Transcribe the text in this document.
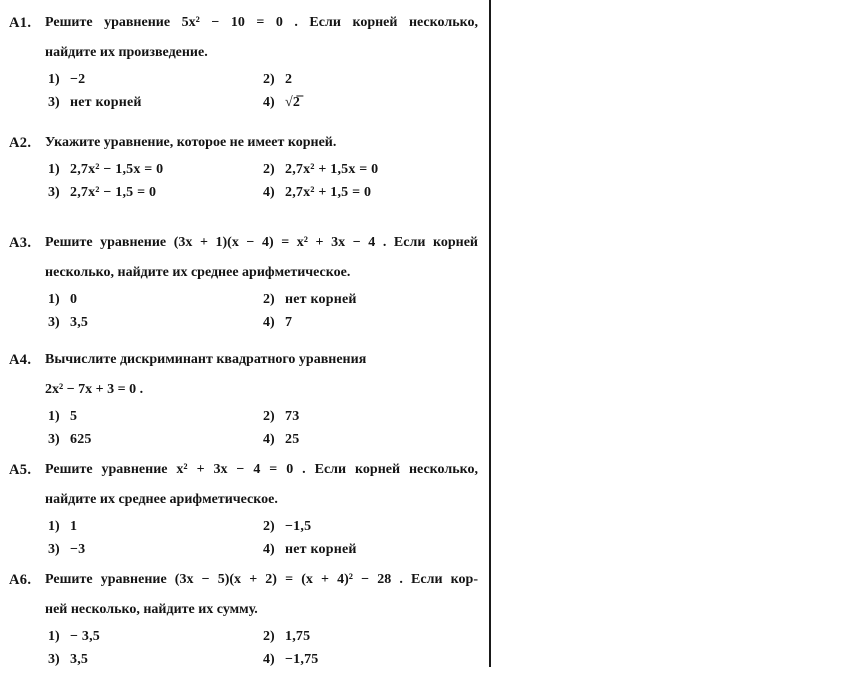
А1. Решите уравнение 5x² − 10 = 0 . Если корней несколько,
найдите их произведение.
1) −2	2) 2
3) нет корней	4) √2̅
А2. Укажите уравнение, которое не имеет корней.
1) 2,7x² − 1,5x = 0	2) 2,7x² + 1,5x = 0
3) 2,7x² − 1,5 = 0	4) 2,7x² + 1,5 = 0
А3. Решите уравнение (3x + 1)(x − 4) = x² + 3x − 4 . Если корней
несколько, найдите их среднее арифметическое.
1) 0	2) нет корней
3) 3,5	4) 7
А4. Вычислите дискриминант квадратного уравнения
2x² − 7x + 3 = 0 .
1) 5	2) 73
3) 625	4) 25
А5. Решите уравнение x² + 3x − 4 = 0 . Если корней несколько,
найдите их среднее арифметическое.
1) 1	2) −1,5
3) −3	4) нет корней
А6. Решите уравнение (3x − 5)(x + 2) = (x + 4)² − 28 . Если кор-
ней несколько, найдите их сумму.
1) − 3,5	2) 1,75
3) 3,5	4) −1,75
